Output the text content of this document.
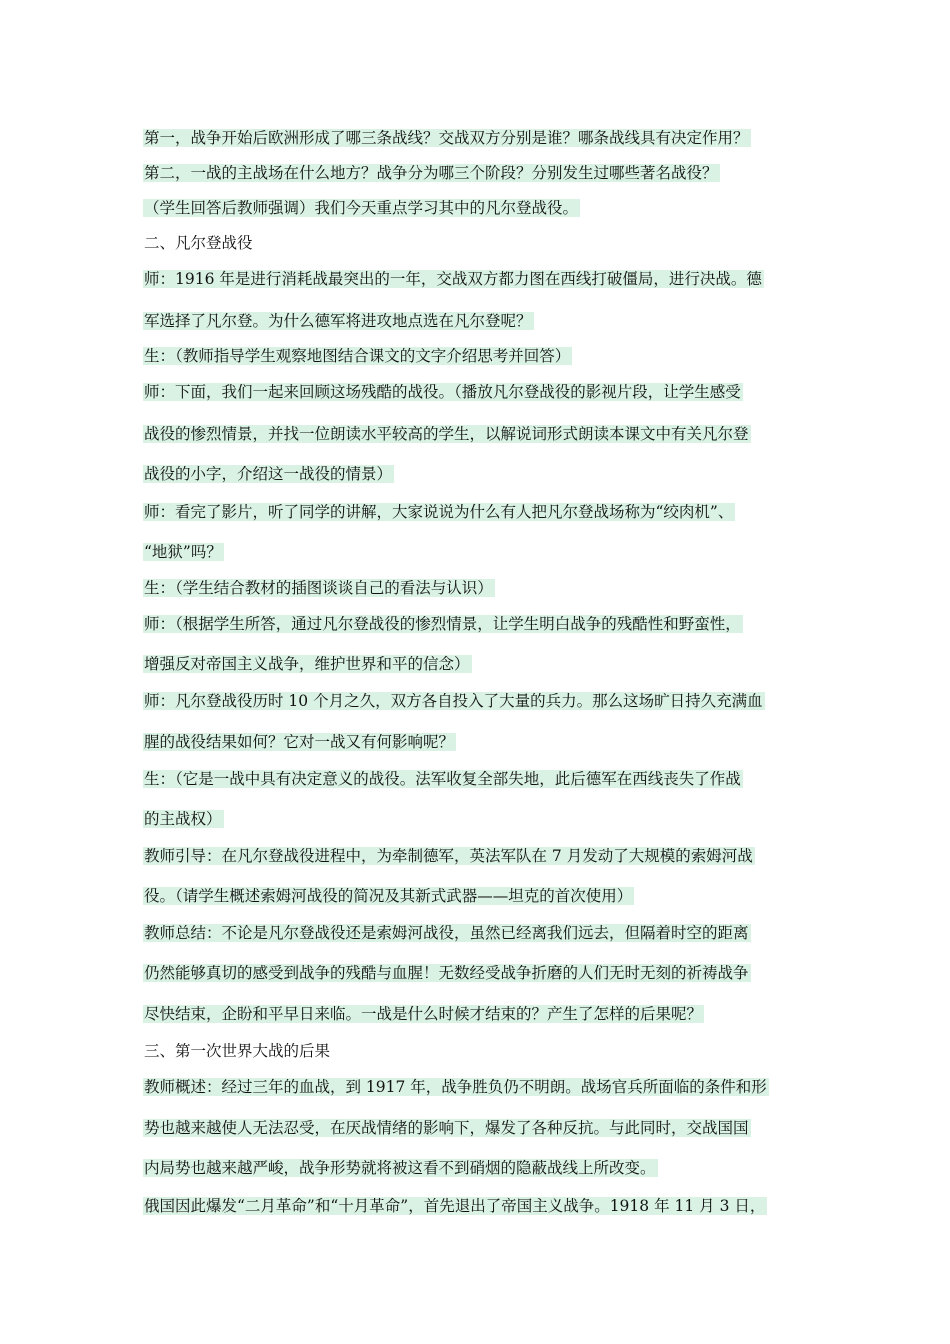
第一，战争开始后欧洲形成了哪三条战线？交战双方分别是谁？哪条战线具有决定作用？
第二，一战的主战场在什么地方？战争分为哪三个阶段？分别发生过哪些著名战役？
（学生回答后教师强调）我们今天重点学习其中的凡尔登战役。
二、凡尔登战役
师：1916 年是进行消耗战最突出的一年，交战双方都力图在西线打破僵局，进行决战。德
军选择了凡尔登。为什么德军将进攻地点选在凡尔登呢？
生：（教师指导学生观察地图结合课文的文字介绍思考并回答）
师：下面，我们一起来回顾这场残酷的战役。（播放凡尔登战役的影视片段，让学生感受
战役的惨烈情景，并找一位朗读水平较高的学生，以解说词形式朗读本课文中有关凡尔登
战役的小字，介绍这一战役的情景）
师：看完了影片，听了同学的讲解，大家说说为什么有人把凡尔登战场称为“绞肉机”、
“地狱”吗？
生：（学生结合教材的插图谈谈自己的看法与认识）
师：（根据学生所答，通过凡尔登战役的惨烈情景，让学生明白战争的残酷性和野蛮性，
增强反对帝国主义战争，维护世界和平的信念）
师：凡尔登战役历时 10 个月之久，双方各自投入了大量的兵力。那么这场旷日持久充满血
腥的战役结果如何？它对一战又有何影响呢？
生：（它是一战中具有决定意义的战役。法军收复全部失地，此后德军在西线丧失了作战
的主战权）
教师引导：在凡尔登战役进程中，为牵制德军，英法军队在 7 月发动了大规模的索姆河战
役。（请学生概述索姆河战役的简况及其新式武器——坦克的首次使用）
教师总结：不论是凡尔登战役还是索姆河战役，虽然已经离我们远去，但隔着时空的距离
仍然能够真切的感受到战争的残酷与血腥！无数经受战争折磨的人们无时无刻的祈祷战争
尽快结束，企盼和平早日来临。一战是什么时候才结束的？产生了怎样的后果呢？
三、第一次世界大战的后果
教师概述：经过三年的血战，到 1917 年，战争胜负仍不明朗。战场官兵所面临的条件和形
势也越来越使人无法忍受，在厌战情绪的影响下，爆发了各种反抗。与此同时，交战国国
内局势也越来越严峻，战争形势就将被这看不到硝烟的隐蔽战线上所改变。
俄国因此爆发“二月革命”和“十月革命”，首先退出了帝国主义战争。1918 年 11 月 3 日，
